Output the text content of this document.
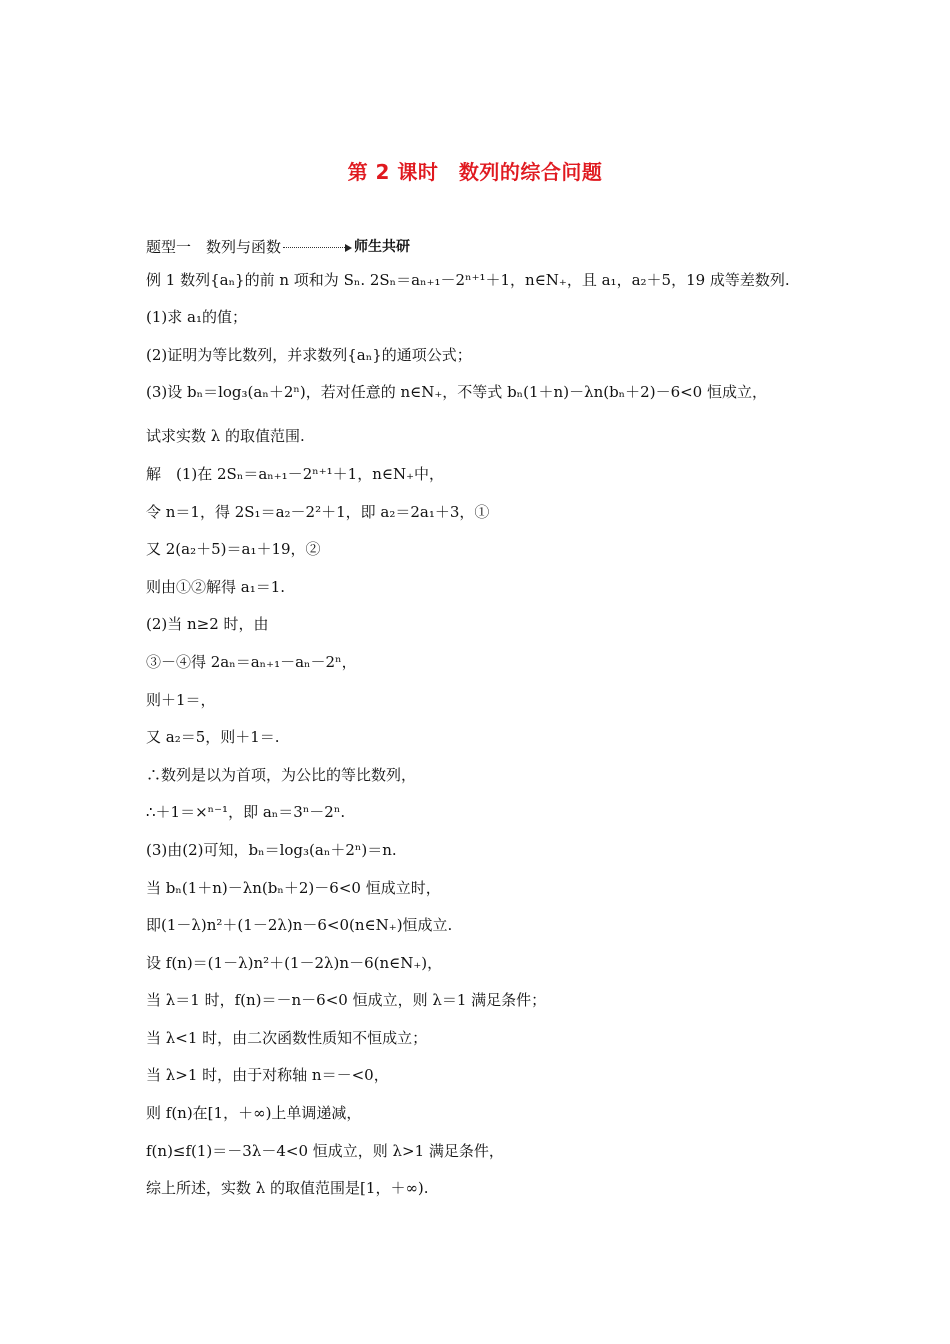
第 2 课时　数列的综合问题
题型一　数列与函数	师生共研
例 1 数列{aₙ}的前 n 项和为 Sₙ. 2Sₙ＝aₙ₊₁－2ⁿ⁺¹＋1，n∈N₊，且 a₁，a₂＋5，19 成等差数列.
(1)求 a₁的值；
(2)证明为等比数列，并求数列{aₙ}的通项公式；
(3)设 bₙ＝log₃(aₙ＋2ⁿ)，若对任意的 n∈N₊，不等式 bₙ(1＋n)－λn(bₙ＋2)－6<0 恒成立，
试求实数 λ 的取值范围.
解　(1)在 2Sₙ＝aₙ₊₁－2ⁿ⁺¹＋1，n∈N₊中，
令 n＝1，得 2S₁＝a₂－2²＋1，即 a₂＝2a₁＋3，①
又 2(a₂＋5)＝a₁＋19，②
则由①②解得 a₁＝1.
(2)当 n≥2 时，由
③－④得 2aₙ＝aₙ₊₁－aₙ－2ⁿ，
则＋1＝，
又 a₂＝5，则＋1＝.
∴数列是以为首项，为公比的等比数列，
∴＋1＝×ⁿ⁻¹，即 aₙ＝3ⁿ－2ⁿ.
(3)由(2)可知，bₙ＝log₃(aₙ＋2ⁿ)＝n.
当 bₙ(1＋n)－λn(bₙ＋2)－6<0 恒成立时，
即(1－λ)n²＋(1－2λ)n－6<0(n∈N₊)恒成立.
设 f(n)＝(1－λ)n²＋(1－2λ)n－6(n∈N₊)，
当 λ＝1 时，f(n)＝－n－6<0 恒成立，则 λ＝1 满足条件；
当 λ<1 时，由二次函数性质知不恒成立；
当 λ>1 时，由于对称轴 n＝－<0，
则 f(n)在[1，＋∞)上单调递减，
f(n)≤f(1)＝－3λ－4<0 恒成立，则 λ>1 满足条件，
综上所述，实数 λ 的取值范围是[1，＋∞).
